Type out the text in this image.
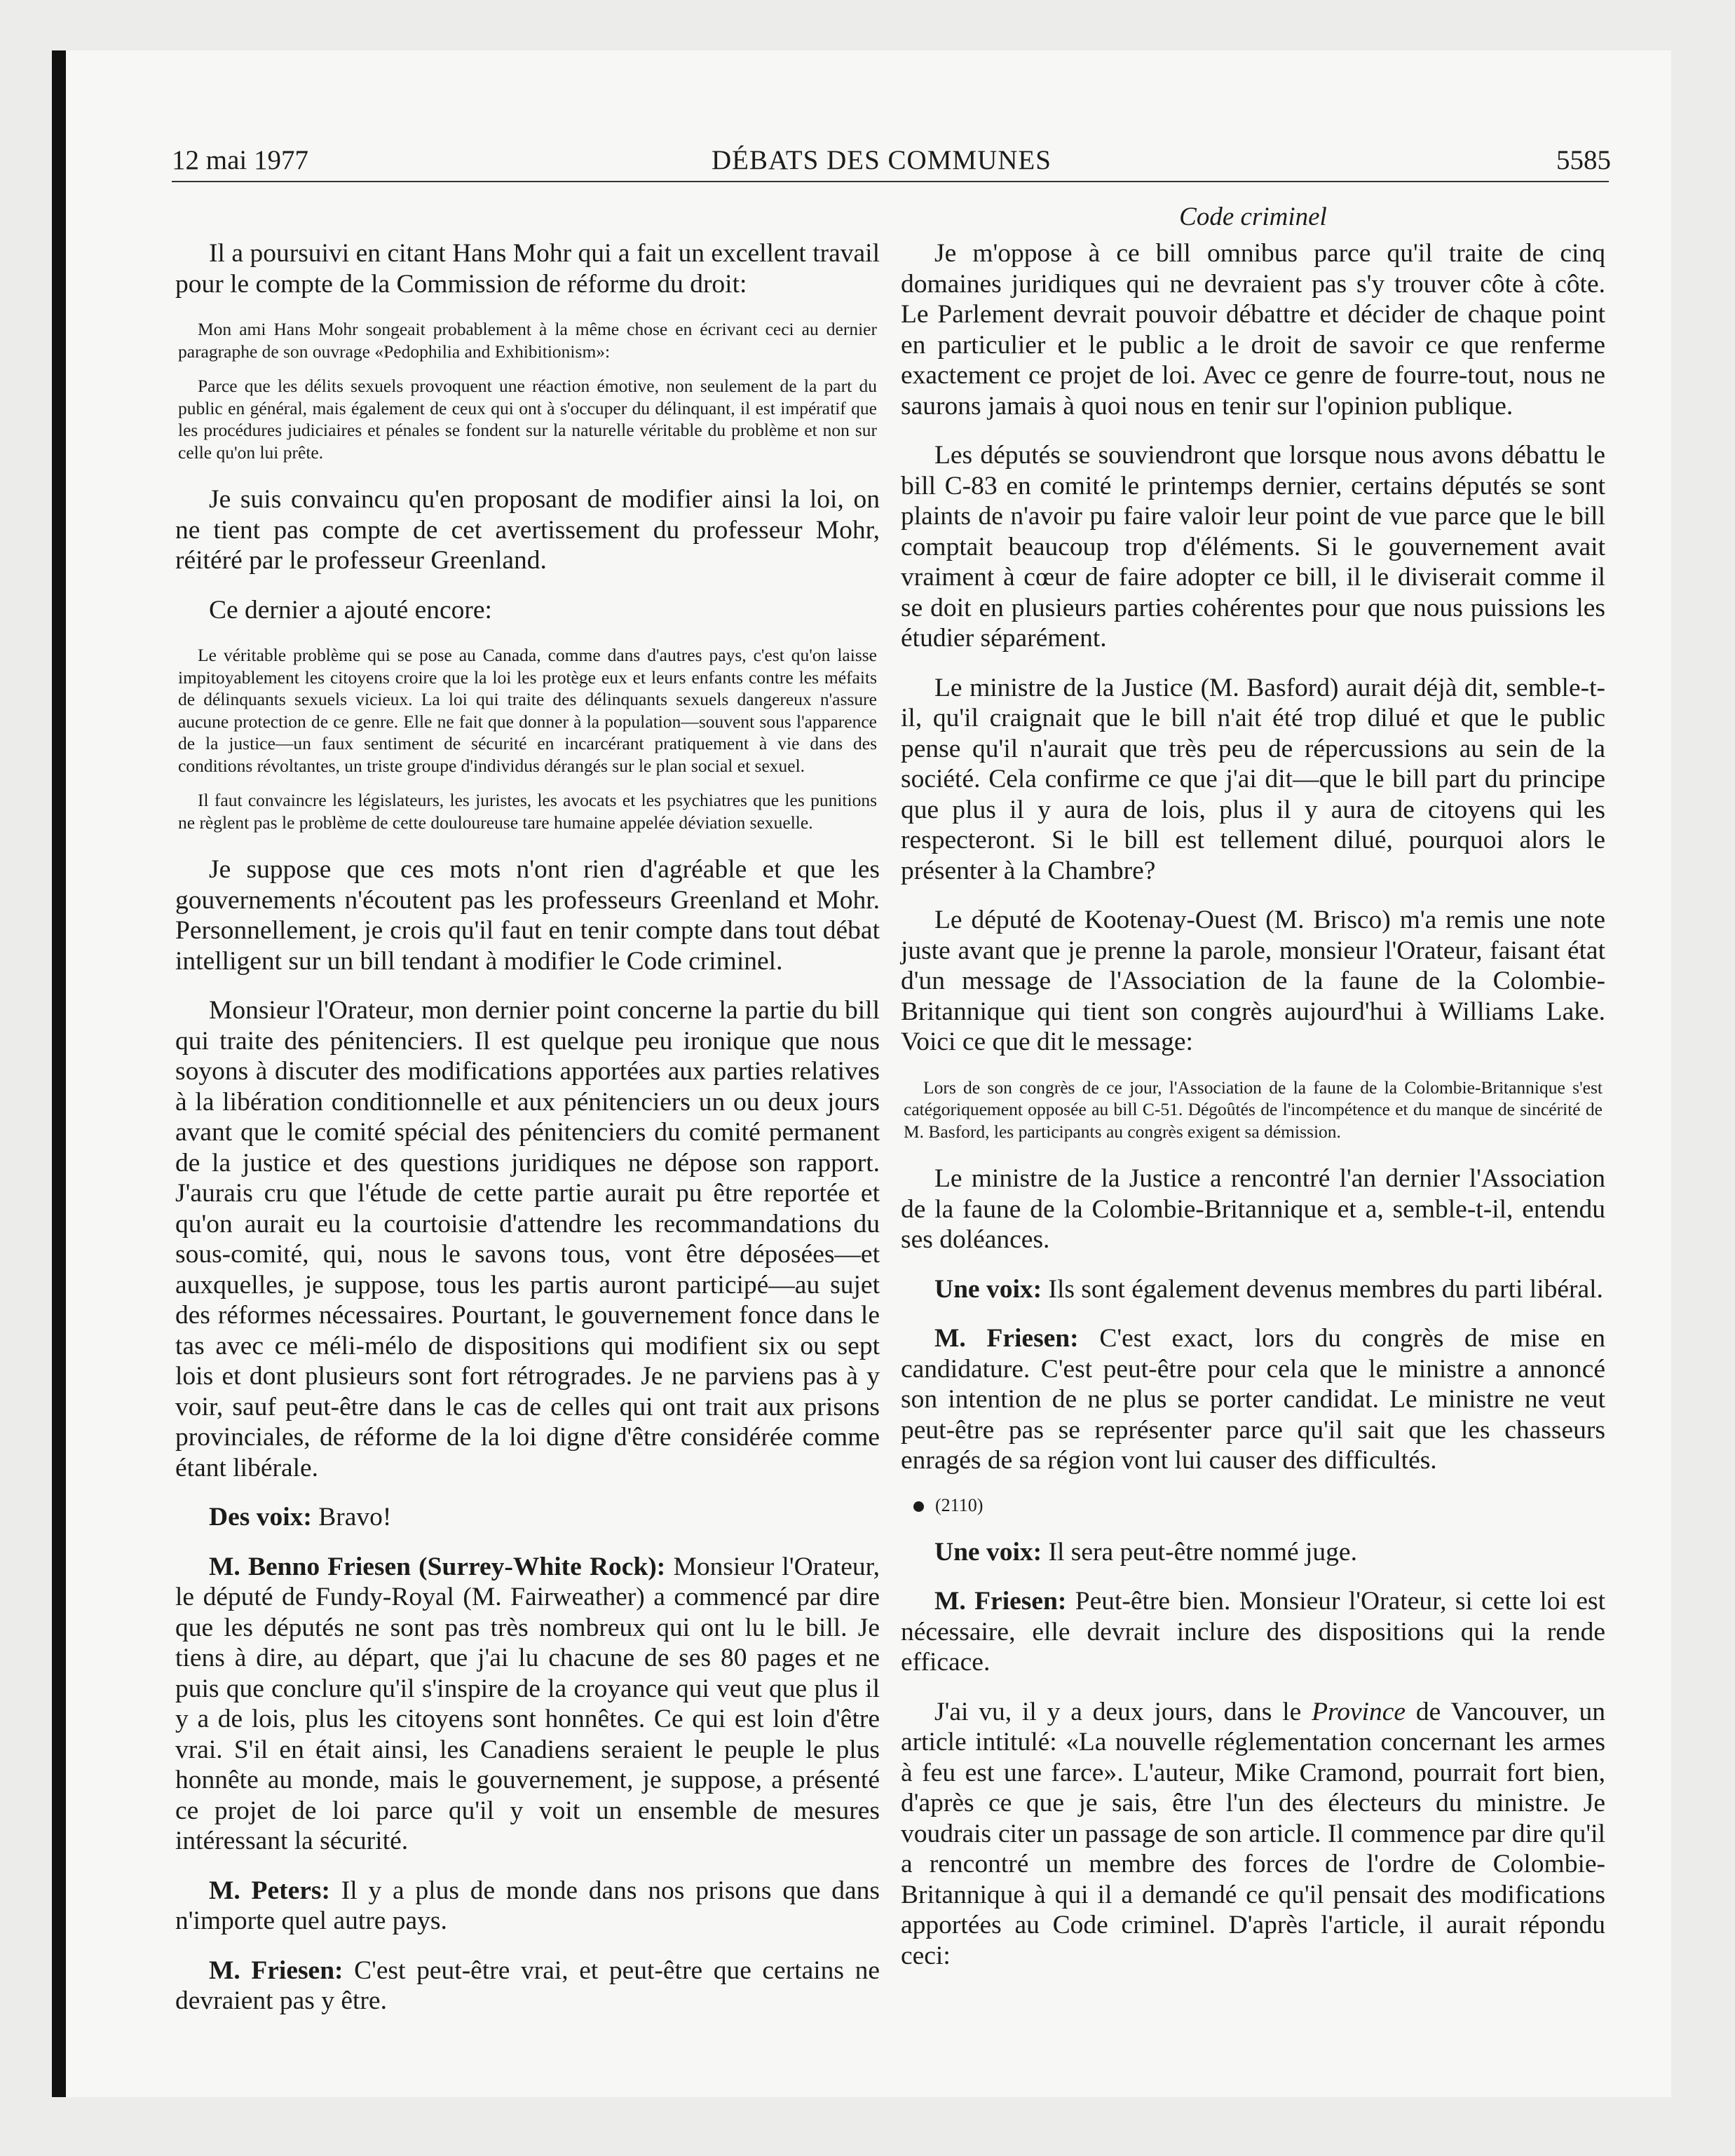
12 mai 1977	DÉBATS DES COMMUNES	5585
Code criminel

Il a poursuivi en citant Hans Mohr qui a fait un excellent travail pour le compte de la Commission de réforme du droit:

Mon ami Hans Mohr songeait probablement à la même chose en écrivant ceci au dernier paragraphe de son ouvrage «Pedophilia and Exhibitionism»:

Parce que les délits sexuels provoquent une réaction émotive, non seulement de la part du public en général, mais également de ceux qui ont à s'occuper du délinquant, il est impératif que les procédures judiciaires et pénales se fondent sur la naturelle véritable du problème et non sur celle qu'on lui prête.

Je suis convaincu qu'en proposant de modifier ainsi la loi, on ne tient pas compte de cet avertissement du professeur Mohr, réitéré par le professeur Greenland.

Ce dernier a ajouté encore:

Le véritable problème qui se pose au Canada, comme dans d'autres pays, c'est qu'on laisse impitoyablement les citoyens croire que la loi les protège eux et leurs enfants contre les méfaits de délinquants sexuels vicieux. La loi qui traite des délinquants sexuels dangereux n'assure aucune protection de ce genre. Elle ne fait que donner à la population—souvent sous l'apparence de la justice—un faux sentiment de sécurité en incarcérant pratiquement à vie dans des conditions révoltantes, un triste groupe d'individus dérangés sur le plan social et sexuel.

Il faut convaincre les législateurs, les juristes, les avocats et les psychiatres que les punitions ne règlent pas le problème de cette douloureuse tare humaine appelée déviation sexuelle.

Je suppose que ces mots n'ont rien d'agréable et que les gouvernements n'écoutent pas les professeurs Greenland et Mohr. Personnellement, je crois qu'il faut en tenir compte dans tout débat intelligent sur un bill tendant à modifier le Code criminel.

Monsieur l'Orateur, mon dernier point concerne la partie du bill qui traite des pénitenciers. Il est quelque peu ironique que nous soyons à discuter des modifications apportées aux parties relatives à la libération conditionnelle et aux pénitenciers un ou deux jours avant que le comité spécial des pénitenciers du comité permanent de la justice et des questions juridiques ne dépose son rapport. J'aurais cru que l'étude de cette partie aurait pu être reportée et qu'on aurait eu la courtoisie d'attendre les recommandations du sous-comité, qui, nous le savons tous, vont être déposées—et auxquelles, je suppose, tous les partis auront participé—au sujet des réformes nécessaires. Pourtant, le gouvernement fonce dans le tas avec ce méli-mélo de dispositions qui modifient six ou sept lois et dont plusieurs sont fort rétrogrades. Je ne parviens pas à y voir, sauf peut-être dans le cas de celles qui ont trait aux prisons provinciales, de réforme de la loi digne d'être considérée comme étant libérale.

Des voix: Bravo!

M. Benno Friesen (Surrey-White Rock): Monsieur l'Orateur, le député de Fundy-Royal (M. Fairweather) a commencé par dire que les députés ne sont pas très nombreux qui ont lu le bill. Je tiens à dire, au départ, que j'ai lu chacune de ses 80 pages et ne puis que conclure qu'il s'inspire de la croyance qui veut que plus il y a de lois, plus les citoyens sont honnêtes. Ce qui est loin d'être vrai. S'il en était ainsi, les Canadiens seraient le peuple le plus honnête au monde, mais le gouvernement, je suppose, a présenté ce projet de loi parce qu'il y voit un ensemble de mesures intéressant la sécurité.

M. Peters: Il y a plus de monde dans nos prisons que dans n'importe quel autre pays.

M. Friesen: C'est peut-être vrai, et peut-être que certains ne devraient pas y être.

Je m'oppose à ce bill omnibus parce qu'il traite de cinq domaines juridiques qui ne devraient pas s'y trouver côte à côte. Le Parlement devrait pouvoir débattre et décider de chaque point en particulier et le public a le droit de savoir ce que renferme exactement ce projet de loi. Avec ce genre de fourre-tout, nous ne saurons jamais à quoi nous en tenir sur l'opinion publique.

Les députés se souviendront que lorsque nous avons débattu le bill C-83 en comité le printemps dernier, certains députés se sont plaints de n'avoir pu faire valoir leur point de vue parce que le bill comptait beaucoup trop d'éléments. Si le gouvernement avait vraiment à cœur de faire adopter ce bill, il le diviserait comme il se doit en plusieurs parties cohérentes pour que nous puissions les étudier séparément.

Le ministre de la Justice (M. Basford) aurait déjà dit, semble-t-il, qu'il craignait que le bill n'ait été trop dilué et que le public pense qu'il n'aurait que très peu de répercussions au sein de la société. Cela confirme ce que j'ai dit—que le bill part du principe que plus il y aura de lois, plus il y aura de citoyens qui les respecteront. Si le bill est tellement dilué, pourquoi alors le présenter à la Chambre?

Le député de Kootenay-Ouest (M. Brisco) m'a remis une note juste avant que je prenne la parole, monsieur l'Orateur, faisant état d'un message de l'Association de la faune de la Colombie-Britannique qui tient son congrès aujourd'hui à Williams Lake. Voici ce que dit le message:

Lors de son congrès de ce jour, l'Association de la faune de la Colombie-Britannique s'est catégoriquement opposée au bill C-51. Dégoûtés de l'incompétence et du manque de sincérité de M. Basford, les participants au congrès exigent sa démission.

Le ministre de la Justice a rencontré l'an dernier l'Association de la faune de la Colombie-Britannique et a, semble-t-il, entendu ses doléances.

Une voix: Ils sont également devenus membres du parti libéral.

M. Friesen: C'est exact, lors du congrès de mise en candidature. C'est peut-être pour cela que le ministre a annoncé son intention de ne plus se porter candidat. Le ministre ne veut peut-être pas se représenter parce qu'il sait que les chasseurs enragés de sa région vont lui causer des difficultés.

(2110)

Une voix: Il sera peut-être nommé juge.

M. Friesen: Peut-être bien. Monsieur l'Orateur, si cette loi est nécessaire, elle devrait inclure des dispositions qui la rende efficace.

J'ai vu, il y a deux jours, dans le Province de Vancouver, un article intitulé: «La nouvelle réglementation concernant les armes à feu est une farce». L'auteur, Mike Cramond, pourrait fort bien, d'après ce que je sais, être l'un des électeurs du ministre. Je voudrais citer un passage de son article. Il commence par dire qu'il a rencontré un membre des forces de l'ordre de Colombie-Britannique à qui il a demandé ce qu'il pensait des modifications apportées au Code criminel. D'après l'article, il aurait répondu ceci:
